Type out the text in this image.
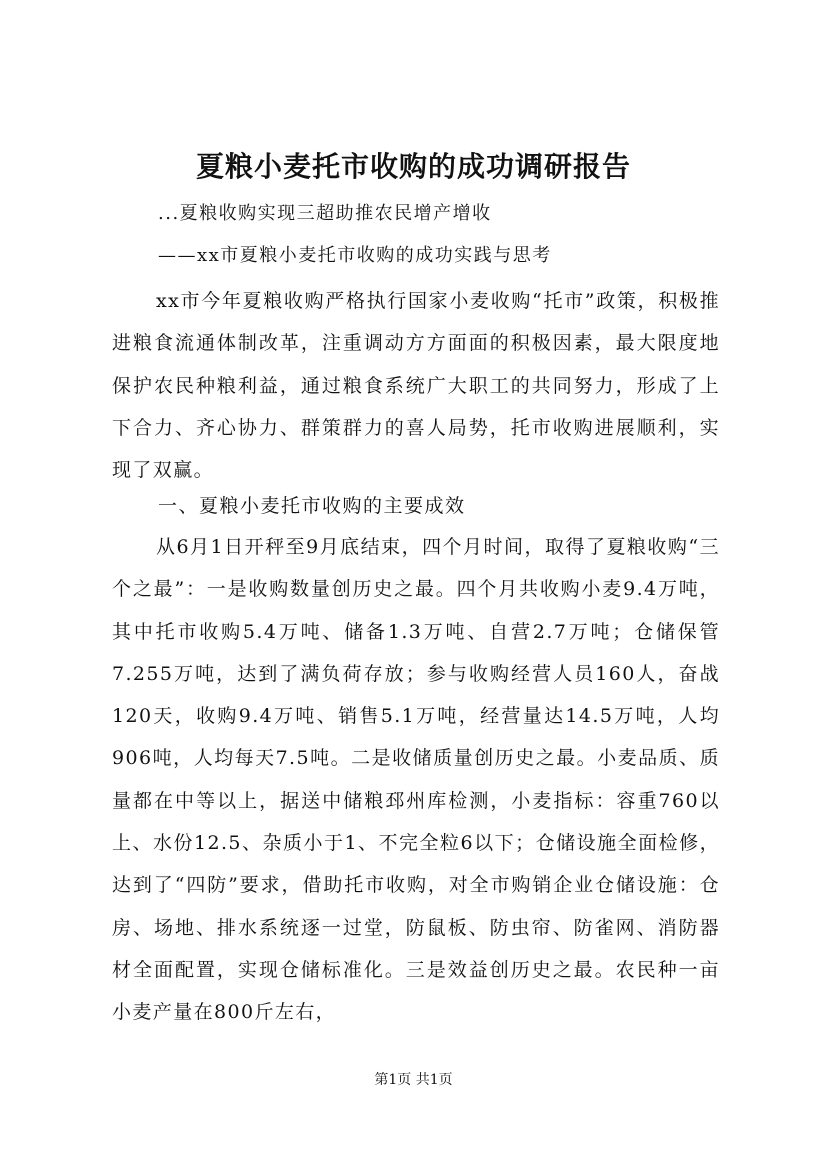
夏粮小麦托市收购的成功调研报告
...夏粮收购实现三超助推农民增产增收
——xx市夏粮小麦托市收购的成功实践与思考

xx市今年夏粮收购严格执行国家小麦收购“托市”政策，积极推进粮食流通体制改革，注重调动方方面面的积极因素，最大限度地保护农民种粮利益，通过粮食系统广大职工的共同努力，形成了上下合力、齐心协力、群策群力的喜人局势，托市收购进展顺利，实现了双赢。

一、夏粮小麦托市收购的主要成效

从6月1日开秤至9月底结束，四个月时间，取得了夏粮收购“三个之最”：一是收购数量创历史之最。四个月共收购小麦9.4万吨，其中托市收购5.4万吨、储备1.3万吨、自营2.7万吨；仓储保管7.255万吨，达到了满负荷存放；参与收购经营人员160人，奋战120天，收购9.4万吨、销售5.1万吨，经营量达14.5万吨，人均906吨，人均每天7.5吨。二是收储质量创历史之最。小麦品质、质量都在中等以上，据送中储粮邳州库检测，小麦指标：容重760以上、水份12.5、杂质小于1、不完全粒6以下；仓储设施全面检修，达到了“四防”要求，借助托市收购，对全市购销企业仓储设施：仓房、场地、排水系统逐一过堂，防鼠板、防虫帘、防雀网、消防器材全面配置，实现仓储标准化。三是效益创历史之最。农民种一亩小麦产量在800斤左右，

第1页 共1页
